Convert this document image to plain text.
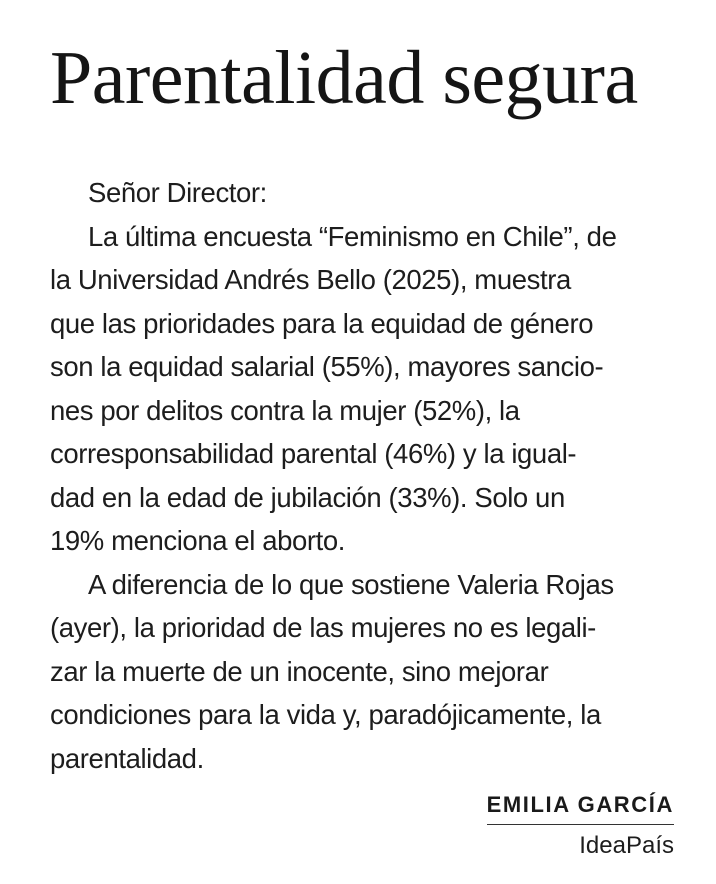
Parentalidad segura
Señor Director:
La última encuesta “Feminismo en Chile”, de
la Universidad Andrés Bello (2025), muestra
que las prioridades para la equidad de género
son la equidad salarial (55%), mayores sancio-
nes por delitos contra la mujer (52%), la
corresponsabilidad parental (46%) y la igual-
dad en la edad de jubilación (33%). Solo un
19% menciona el aborto.
A diferencia de lo que sostiene Valeria Rojas
(ayer), la prioridad de las mujeres no es legali-
zar la muerte de un inocente, sino mejorar
condiciones para la vida y, paradójicamente, la
parentalidad.
EMILIA GARCÍA
IdeaPaís
